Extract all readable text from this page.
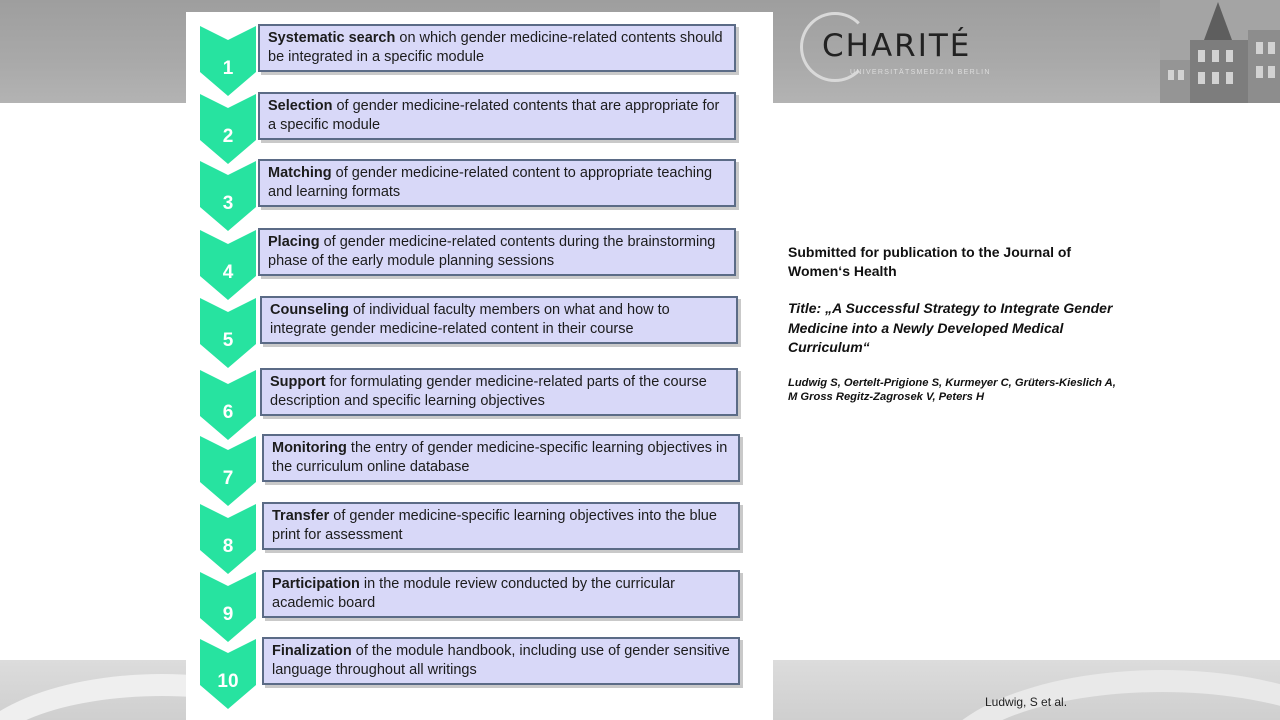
CHARITÉ
UNIVERSITÄTSMEDIZIN BERLIN
1
Systematic search on which gender medicine-related contents should be integrated in a specific module
2
Selection of gender medicine-related contents that are appropriate for a specific module
3
Matching of gender medicine-related content to appropriate teaching and learning formats
4
Placing of gender medicine-related contents during the brainstorming phase of the early module planning sessions
5
Counseling of individual faculty members on what and how to integrate gender medicine-related content in their course
6
Support for formulating gender medicine-related parts of the course description and specific learning objectives
7
Monitoring the entry of gender medicine-specific learning objectives in the curriculum online database
8
Transfer of gender medicine-specific learning objectives into the blue print for assessment
9
Participation in the module review conducted by the curricular academic board
10
Finalization of the module handbook, including use of gender sensitive language throughout all writings
Submitted for publication to the Journal of Women‘s Health
Title: „A Successful Strategy to Integrate Gender Medicine into a Newly Developed Medical Curriculum“
Ludwig S, Oertelt-Prigione S, Kurmeyer C, Grüters-Kieslich A, M Gross Regitz-Zagrosek V, Peters H
Ludwig, S et al.
